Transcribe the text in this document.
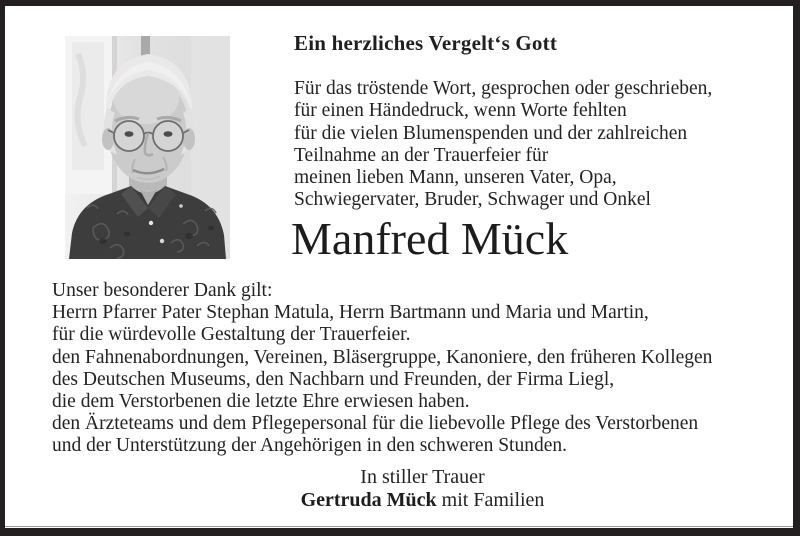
Ein herzliches Vergelt‘s Gott
Für das tröstende Wort, gesprochen oder geschrieben,
für einen Händedruck, wenn Worte fehlten
für die vielen Blumenspenden und der zahlreichen
Teilnahme an der Trauerfeier für
meinen lieben Mann, unseren Vater, Opa,
Schwiegervater, Bruder, Schwager und Onkel
Manfred Mück
Unser besonderer Dank gilt:
Herrn Pfarrer Pater Stephan Matula, Herrn Bartmann und Maria und Martin,
für die würdevolle Gestaltung der Trauerfeier.
den Fahnenabordnungen, Vereinen, Bläsergruppe, Kanoniere, den früheren Kollegen
des Deutschen Museums, den Nachbarn und Freunden, der Firma Liegl,
die dem Verstorbenen die letzte Ehre erwiesen haben.
den Ärzteteams und dem Pflegepersonal für die liebevolle Pflege des Verstorbenen
und der Unterstützung der Angehörigen in den schweren Stunden.
In stiller Trauer
Gertruda Mück mit Familien
